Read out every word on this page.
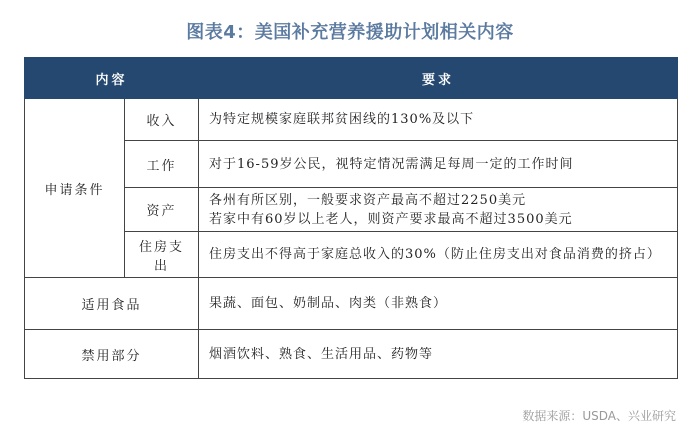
图表4：美国补充营养援助计划相关内容
内容		要求
申请条件	收入	为特定规模家庭联邦贫困线的130%及以下
	工作	对于16-59岁公民，视特定情况需满足每周一定的工作时间
	资产	各州有所区别，一般要求资产最高不超过2250美元
若家中有60岁以上老人，则资产要求最高不超过3500美元

	住房支出	住房支出不得高于家庭总收入的30%（防止住房支出对食品消费的挤占）
适用食品		果蔬、面包、奶制品、肉类（非熟食）
禁用部分		烟酒饮料、熟食、生活用品、药物等
数据来源：USDA、兴业研究
